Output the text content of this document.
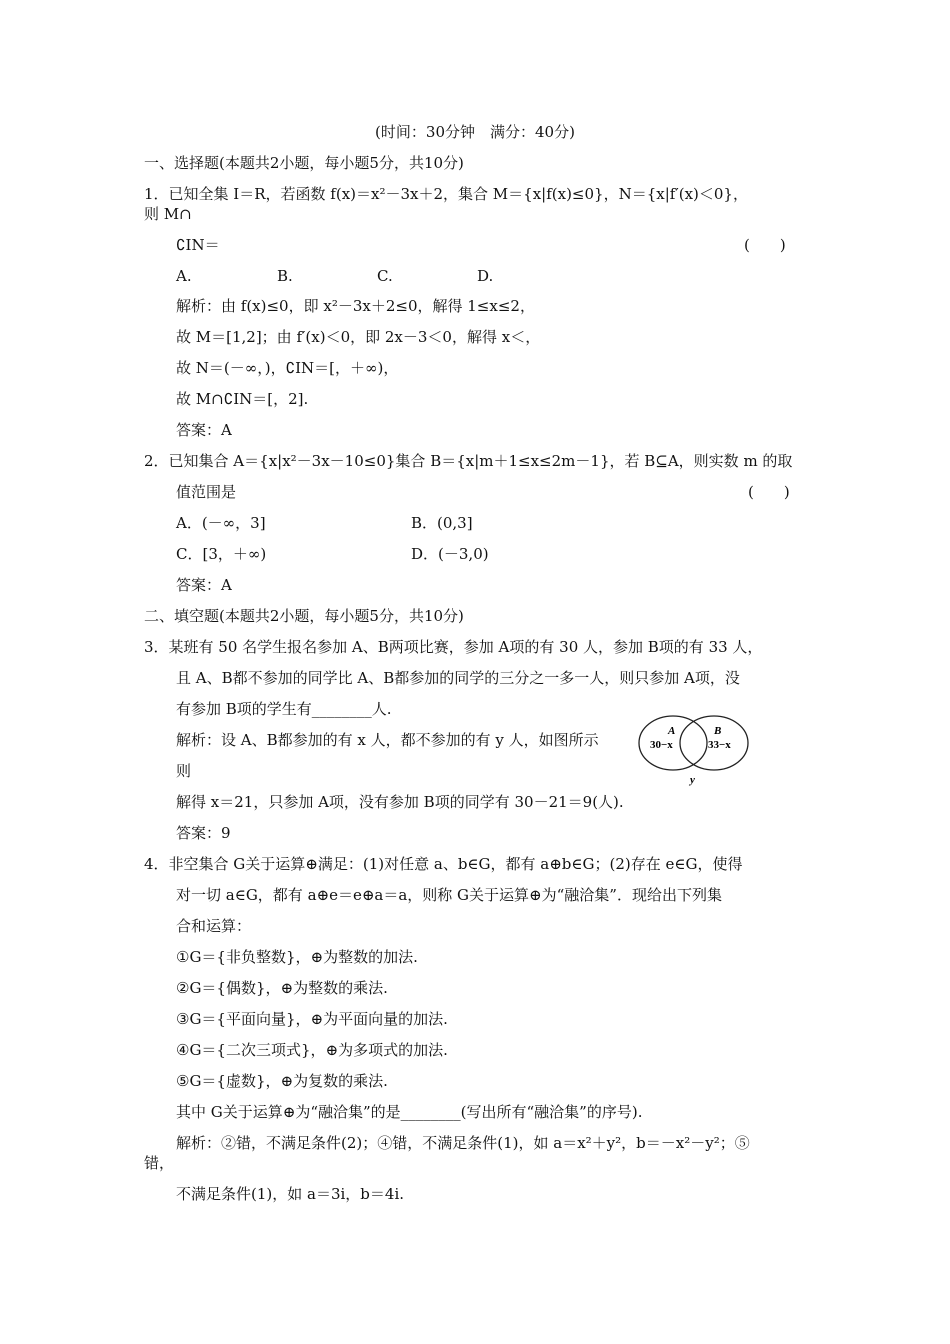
(时间：30分钟　满分：40分)
一、选择题(本题共2小题，每小题5分，共10分)
1．已知全集 I＝R，若函数 f(x)＝x²－3x＋2，集合 M＝{x|f(x)≤0}，N＝{x|f′(x)＜0}，
则 M∩
∁IN＝	(　　)
A.	B.	C.	D.
解析：由 f(x)≤0，即 x²－3x＋2≤0，解得 1≤x≤2，
故 M＝[1,2]；由 f′(x)＜0，即 2x－3＜0，解得 x＜，
故 N＝(－∞，)，∁IN＝[，＋∞)，
故 M∩∁IN＝[，2].
答案：A
2．已知集合 A＝{x|x²－3x－10≤0}集合 B＝{x|m＋1≤x≤2m－1}，若 B⊆A，则实数 m 的取
值范围是	(　　)
A．(－∞，3]	B．(0,3]
C．[3，＋∞)	D．(－3,0)
答案：A
二、填空题(本题共2小题，每小题5分，共10分)
3．某班有 50 名学生报名参加 A、B两项比赛，参加 A项的有 30 人，参加 B项的有 33 人，
且 A、B都不参加的同学比 A、B都参加的同学的三分之一多一人，则只参加 A项，没
有参加 B项的学生有________人.
解析：设 A、B都参加的有 x 人，都不参加的有 y 人，如图所示
则
A
30−x
B
33−x
y
解得 x＝21，只参加 A项，没有参加 B项的同学有 30－21＝9(人).
答案：9
4．非空集合 G关于运算⊕满足：(1)对任意 a、b∈G，都有 a⊕b∈G；(2)存在 e∈G，使得
对一切 a∈G，都有 a⊕e＝e⊕a＝a，则称 G关于运算⊕为“融洽集”．现给出下列集
合和运算：
①G＝{非负整数}，⊕为整数的加法.
②G＝{偶数}，⊕为整数的乘法.
③G＝{平面向量}，⊕为平面向量的加法.
④G＝{二次三项式}，⊕为多项式的加法.
⑤G＝{虚数}，⊕为复数的乘法.
其中 G关于运算⊕为“融洽集”的是________(写出所有“融洽集”的序号).
解析：②错，不满足条件(2)；④错，不满足条件(1)，如 a＝x²＋y²，b＝－x²－y²；⑤
错，
不满足条件(1)，如 a＝3i，b＝4i.
